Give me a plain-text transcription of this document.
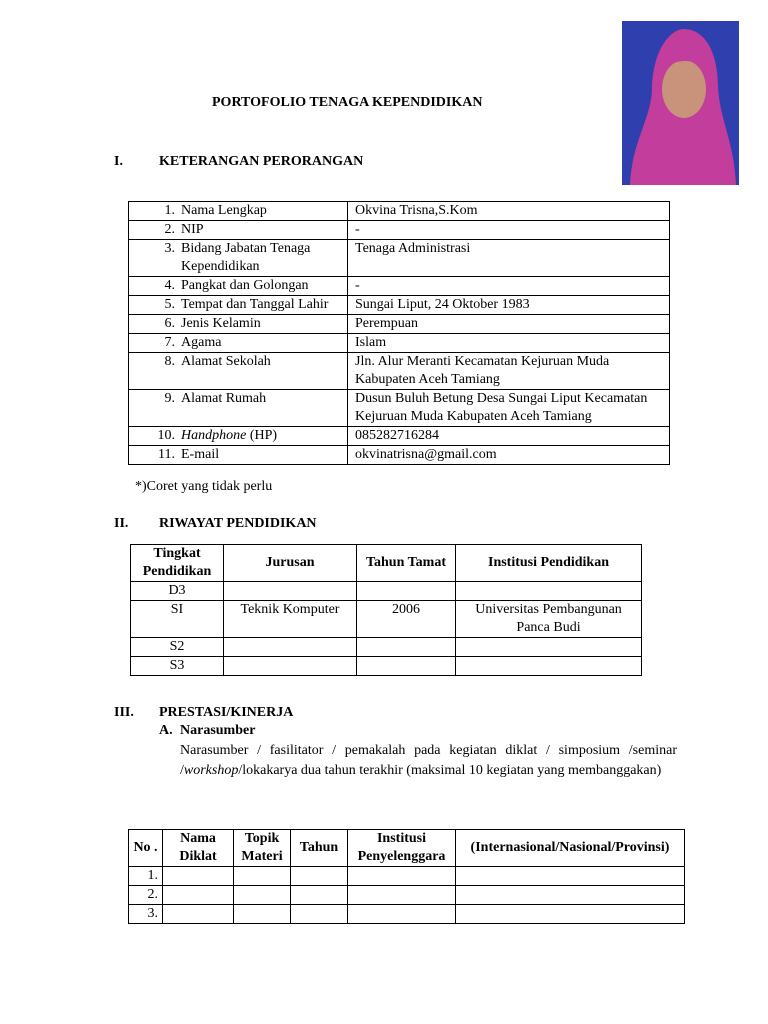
PORTOFOLIO TENAGA KEPENDIDIKAN
I.	KETERANGAN PERORANGAN
1. Nama Lengkap	Okvina Trisna,S.Kom

2. NIP	-

3. Bidang Jabatan Tenaga Kependidikan	Tenaga Administrasi

4. Pangkat dan Golongan	-

5. Tempat dan Tanggal Lahir	Sungai Liput, 24 Oktober 1983

6. Jenis Kelamin	Perempuan

7. Agama	Islam

8. Alamat Sekolah	Jln. Alur Meranti Kecamatan Kejuruan Muda Kabupaten Aceh Tamiang

9. Alamat Rumah	Dusun Buluh Betung Desa Sungai Liput Kecamatan Kejuruan Muda Kabupaten Aceh Tamiang

10. Handphone (HP)	085282716284

11. E-mail	okvinatrisna@gmail.com
*)Coret yang tidak perlu
II. RIWAYAT PENDIDIKAN
Tingkat Pendidikan	Jurusan	Tahun Tamat	Institusi Pendidikan
D3			
SI	Teknik Komputer	2006	Universitas Pembangunan Panca Budi
S2			
S3			
III. PRESTASI/KINERJA
A. Narasumber
Narasumber / fasilitator / pemakalah pada kegiatan diklat / simposium /seminar /workshop/lokakarya dua tahun terakhir (maksimal 10 kegiatan yang membanggakan)
No .	Nama Diklat	Topik Materi	Tahun	Institusi Penyelenggara	(Internasional/Nasional/Provinsi)
1.					
2.					
3.					
